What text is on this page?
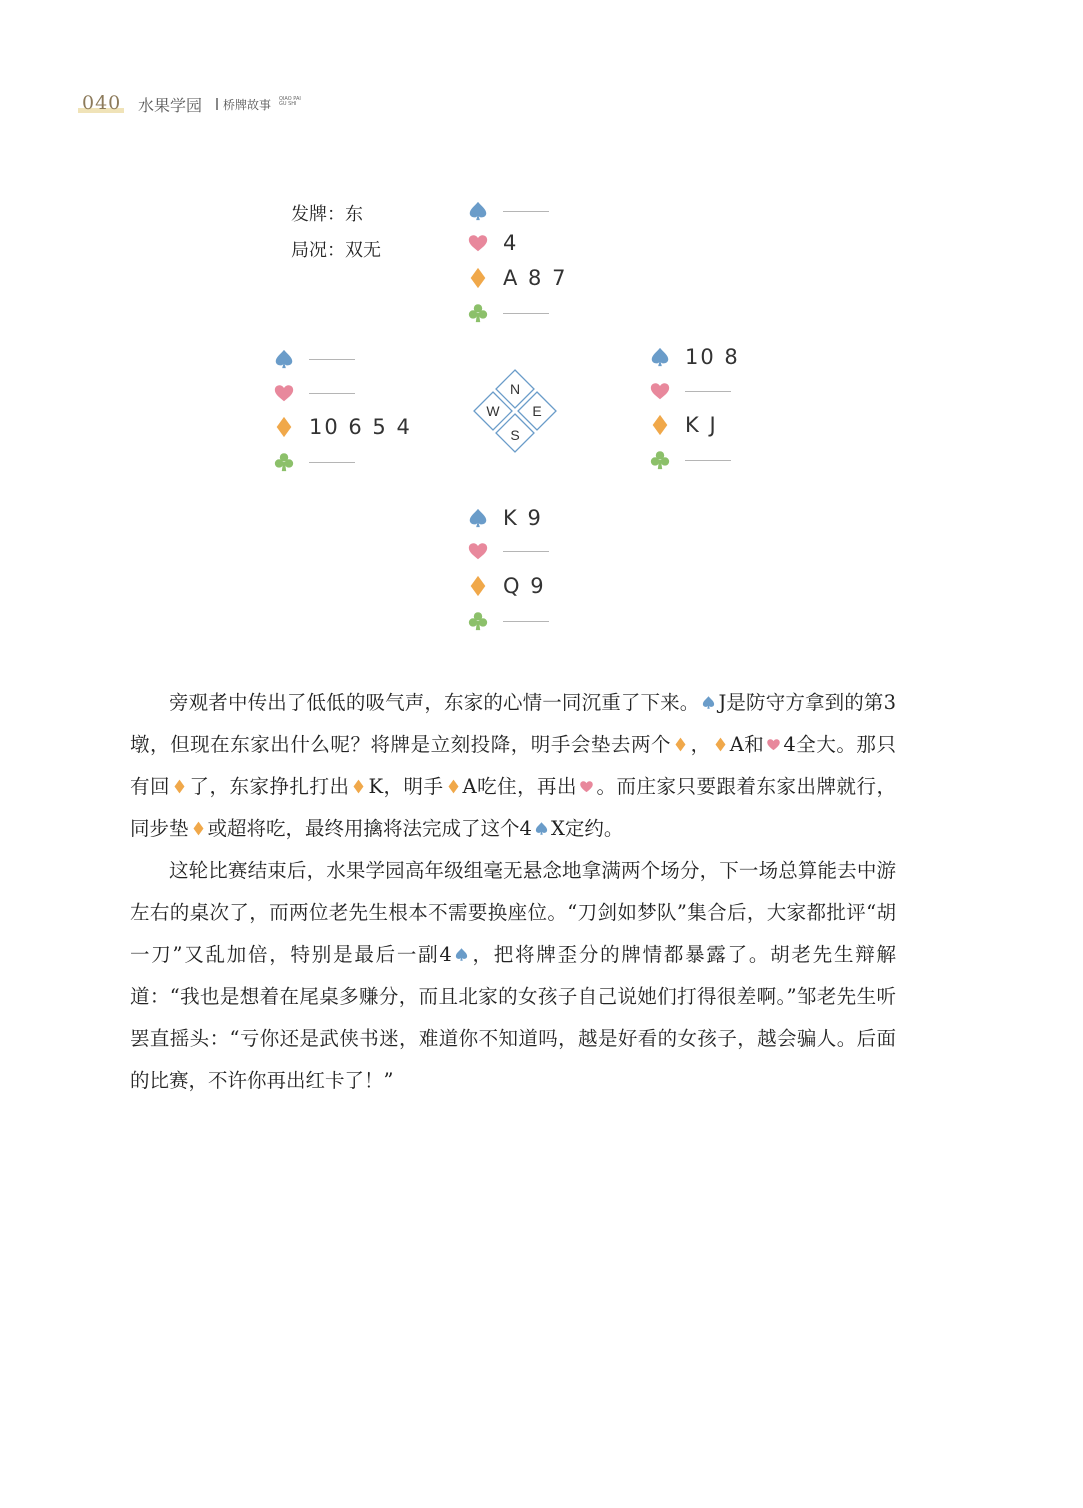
040 水果学园 桥牌故事 QIAO PAI
GU SHI
发牌：东
局况：双无	4
A 8 7
10 6 5 4
N
E
S
W
10 8
K J
K 9
Q 9

旁观者中传出了低低的吸气声，东家的心情一同沉重了下来。 J是防守方拿到的第3墩，但现在东家出什么呢？将牌是立刻投降，明手会垫去两个 ， A和 4全大。那只有回 了，东家挣扎打出 K，明手 A吃住，再出 。而庄家只要跟着东家出牌就行，同步垫 或超将吃，最终用擒将法完成了这个4 X定约。

这轮比赛结束后，水果学园高年级组毫无悬念地拿满两个场分，下一场总算能去中游左右的桌次了，而两位老先生根本不需要换座位。“刀剑如梦队”集合后，大家都批评“胡一刀”又乱加倍，特别是最后一副4 ，把将牌歪分的牌情都暴露了。胡老先生辩解道：“我也是想着在尾桌多赚分，而且北家的女孩子自己说她们打得很差啊。”邹老先生听罢直摇头：“亏你还是武侠书迷，难道你不知道吗，越是好看的女孩子，越会骗人。后面的比赛，不许你再出红卡了！”
